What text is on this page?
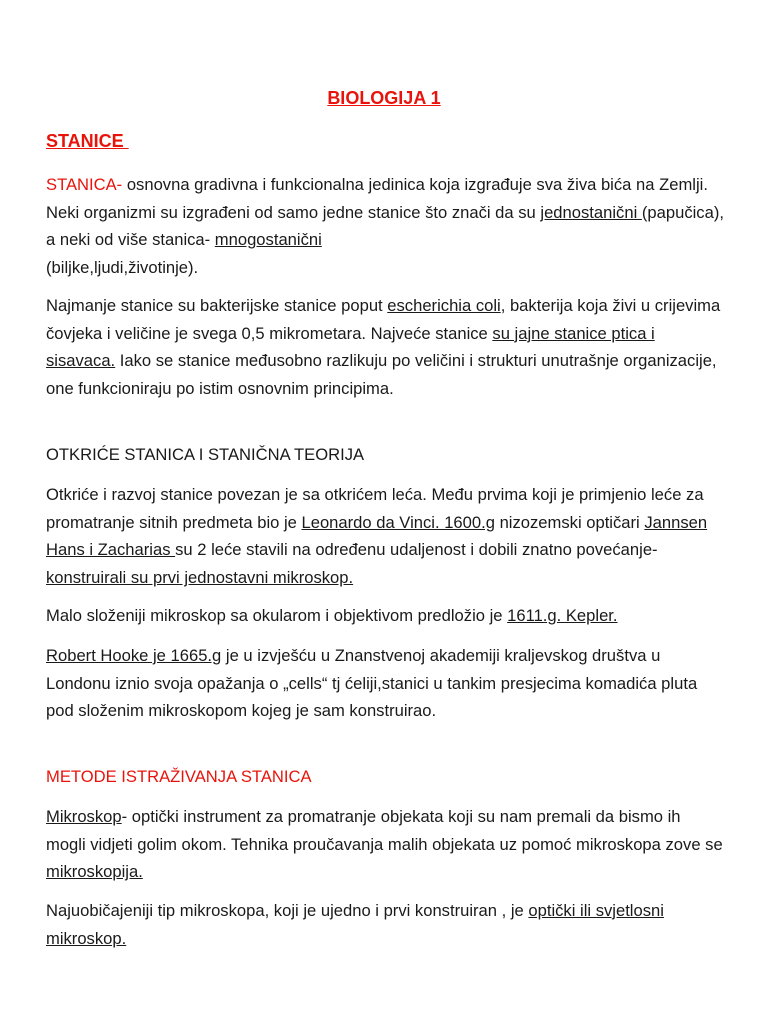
BIOLOGIJA 1
STANICE

STANICA- osnovna gradivna i funkcionalna jedinica koja izgrađuje sva živa bića na Zemlji. Neki organizmi su izgrađeni od samo jedne stanice što znači da su jednostanični (papučica), a neki od više stanica- mnogostanični
(biljke,ljudi,životinje).

Najmanje stanice su bakterijske stanice poput escherichia coli, bakterija koja živi u crijevima čovjeka i veličine je svega 0,5 mikrometara. Najveće stanice su jajne stanice ptica i sisavaca. Iako se stanice međusobno razlikuju po veličini i strukturi unutrašnje organizacije, one funkcioniraju po istim osnovnim principima.

OTKRIĆE STANICA I STANIČNA TEORIJA

Otkriće i razvoj stanice povezan je sa otkrićem leća. Među prvima koji je primjenio leće za promatranje sitnih predmeta bio je Leonardo da Vinci. 1600.g nizozemski optičari Jannsen Hans i Zacharias su 2 leće stavili na određenu udaljenost i dobili znatno povećanje- konstruirali su prvi jednostavni mikroskop.

Malo složeniji mikroskop sa okularom i objektivom predložio je 1611.g. Kepler.

Robert Hooke je 1665.g je u izvješću u Znanstvenoj akademiji kraljevskog društva u Londonu iznio svoja opažanja o „cells“ tj ćeliji,stanici u tankim presjecima komadića pluta pod složenim mikroskopom kojeg je sam konstruirao.

METODE ISTRAŽIVANJA STANICA

Mikroskop- optički instrument za promatranje objekata koji su nam premali da bismo ih mogli vidjeti golim okom. Tehnika proučavanja malih objekata uz pomoć mikroskopa zove se mikroskopija.

Najuobičajeniji tip mikroskopa, koji je ujedno i prvi konstruiran , je optički ili svjetlosni mikroskop.
